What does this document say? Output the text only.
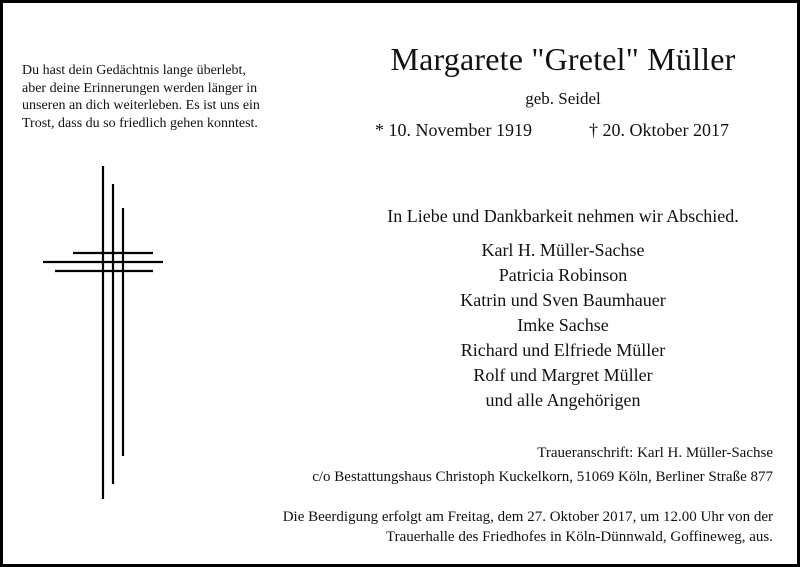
Du hast dein Gedächtnis lange überlebt,
aber deine Erinnerungen werden länger in
unseren an dich weiterleben. Es ist uns ein
Trost, dass du so friedlich gehen konntest.
Margarete "Gretel" Müller
geb. Seidel
* 10. November 1919	† 20. Oktober 2017
In Liebe und Dankbarkeit nehmen wir Abschied.
Karl H. Müller-Sachse
Patricia Robinson
Katrin und Sven Baumhauer
Imke Sachse
Richard und Elfriede Müller
Rolf und Margret Müller
und alle Angehörigen
Traueranschrift: Karl H. Müller-Sachse
c/o Bestattungshaus Christoph Kuckelkorn, 51069 Köln, Berliner Straße 877
Die Beerdigung erfolgt am Freitag, dem 27. Oktober 2017, um 12.00 Uhr von der
Trauerhalle des Friedhofes in Köln-Dünnwald, Goffineweg, aus.
